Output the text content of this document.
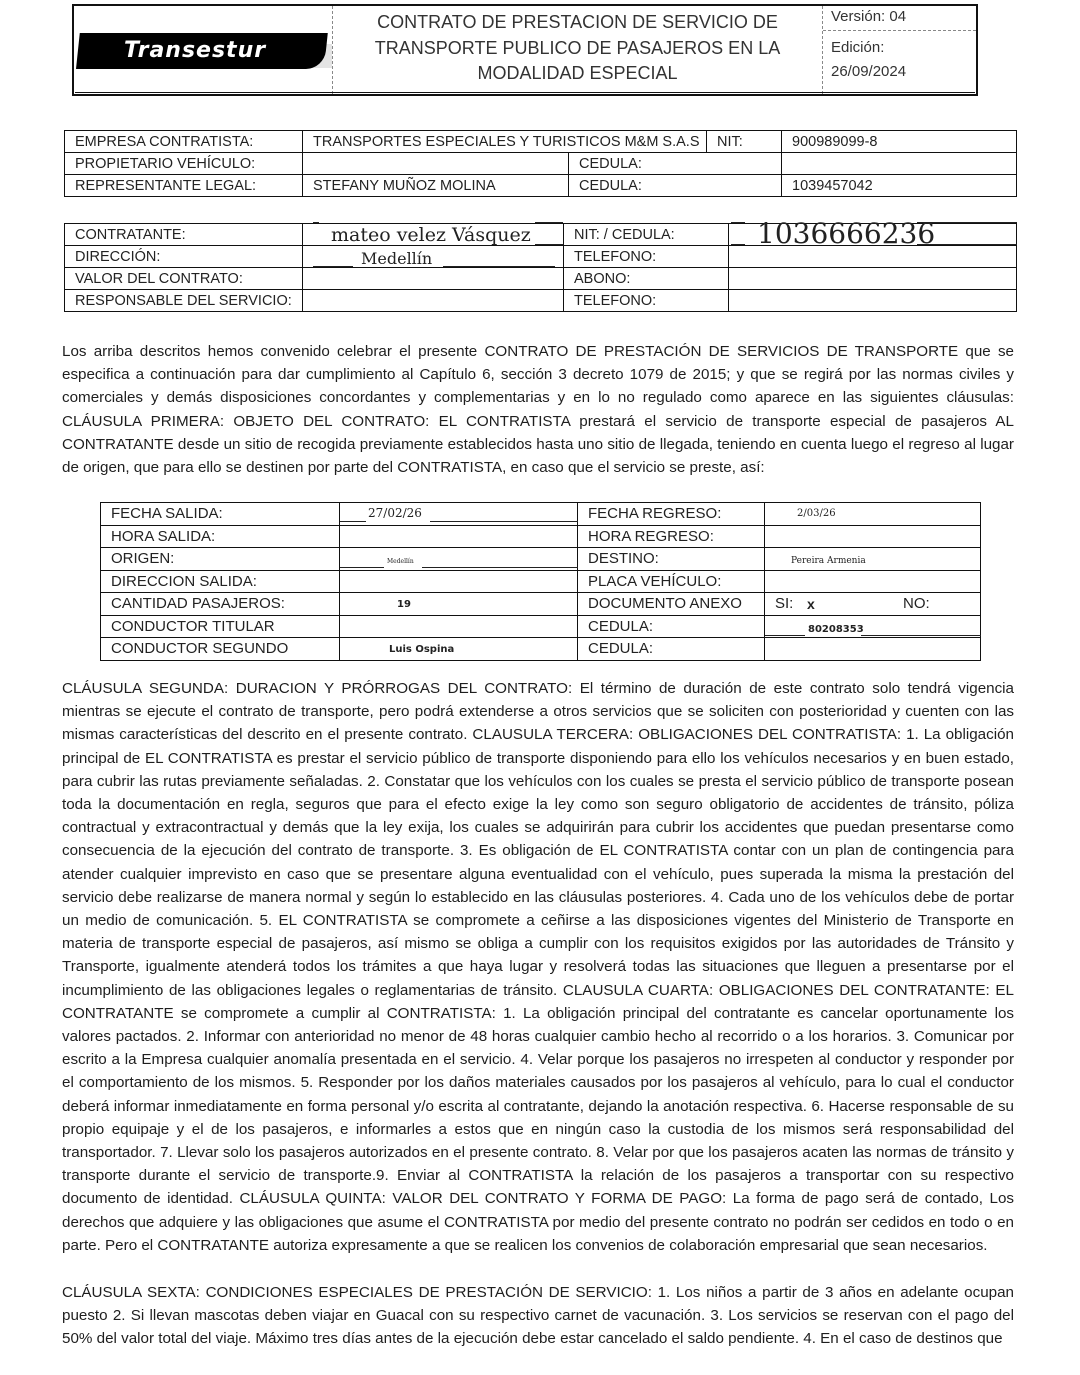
Transestur
CONTRATO DE PRESTACION DE SERVICIO DE
TRANSPORTE PUBLICO DE PASAJEROS EN LA
MODALIDAD ESPECIAL
Versión: 04
Edición:
26/09/2024
EMPRESA CONTRATISTA:	TRANSPORTES ESPECIALES Y TURISTICOS M&M S.A.S		NIT:	900989099-8
PROPIETARIO VEHÍCULO:		CEDULA:		
REPRESENTANTE LEGAL:	STEFANY MUÑOZ MOLINA	CEDULA:		1039457042
CONTRATANTE:	mateo velez Vásquez	NIT: / CEDULA:	1036666236

DIRECCIÓN:	Medellín	TELEFONO:	
VALOR DEL CONTRATO:		ABONO:	
RESPONSABLE DEL SERVICIO:		TELEFONO:	

Los arriba descritos hemos convenido celebrar el presente CONTRATO DE PRESTACIÓN DE SERVICIOS DE TRANSPORTE que se especifica a continuación para dar cumplimiento al Capítulo 6, sección 3 decreto 1079 de 2015; y que se regirá por las normas civiles y comerciales y demás disposiciones concordantes y complementarias y en lo no regulado como aparece en las siguientes cláusulas: CLÁUSULA PRIMERA: OBJETO DEL CONTRATO: EL CONTRATISTA prestará el servicio de transporte especial de pasajeros AL CONTRATANTE desde un sitio de recogida previamente establecidos hasta uno sitio de llegada, teniendo en cuenta luego el regreso al lugar de origen, que para ello se destinen por parte del CONTRATISTA, en caso que el servicio se preste, así:

FECHA SALIDA:	27/02/26	FECHA REGRESO:	2/03/26

HORA SALIDA:		HORA REGRESO:	
ORIGEN:	Medellín	DESTINO:	Pereira Armenia

DIRECCION SALIDA:		PLACA VEHÍCULO:	
CANTIDAD PASAJEROS:	19	DOCUMENTO ANEXO	SI: x NO:

CONDUCTOR TITULAR		CEDULA:	80208353

CONDUCTOR SEGUNDO	Luis Ospina	CEDULA:	

CLÁUSULA SEGUNDA: DURACION Y PRÓRROGAS DEL CONTRATO: El término de duración de este contrato solo tendrá vigencia mientras se ejecute el contrato de transporte, pero podrá extenderse a otros servicios que se soliciten con posterioridad y cuenten con las mismas características del descrito en el presente contrato. CLAUSULA TERCERA: OBLIGACIONES DEL CONTRATISTA: 1. La obligación principal de EL CONTRATISTA es prestar el servicio público de transporte disponiendo para ello los vehículos necesarios y en buen estado, para cubrir las rutas previamente señaladas. 2. Constatar que los vehículos con los cuales se presta el servicio público de transporte posean toda la documentación en regla, seguros que para el efecto exige la ley como son seguro obligatorio de accidentes de tránsito, póliza contractual y extracontractual y demás que la ley exija, los cuales se adquirirán para cubrir los accidentes que puedan presentarse como consecuencia de la ejecución del contrato de transporte. 3. Es obligación de EL CONTRATISTA contar con un plan de contingencia para atender cualquier imprevisto en caso que se presentare alguna eventualidad con el vehículo, pues superada la misma la prestación del servicio debe realizarse de manera normal y según lo establecido en las cláusulas posteriores. 4. Cada uno de los vehículos debe de portar un medio de comunicación. 5. EL CONTRATISTA se compromete a ceñirse a las disposiciones vigentes del Ministerio de Transporte en materia de transporte especial de pasajeros, así mismo se obliga a cumplir con los requisitos exigidos por las autoridades de Tránsito y Transporte, igualmente atenderá todos los trámites a que haya lugar y resolverá todas las situaciones que lleguen a presentarse por el incumplimiento de las obligaciones legales o reglamentarias de tránsito. CLAUSULA CUARTA: OBLIGACIONES DEL CONTRATANTE: EL CONTRATANTE se compromete a cumplir al CONTRATISTA: 1. La obligación principal del contratante es cancelar oportunamente los valores pactados. 2. Informar con anterioridad no menor de 48 horas cualquier cambio hecho al recorrido o a los horarios. 3. Comunicar por escrito a la Empresa cualquier anomalía presentada en el servicio. 4. Velar porque los pasajeros no irrespeten al conductor y responder por el comportamiento de los mismos. 5. Responder por los daños materiales causados por los pasajeros al vehículo, para lo cual el conductor deberá informar inmediatamente en forma personal y/o escrita al contratante, dejando la anotación respectiva. 6. Hacerse responsable de su propio equipaje y el de los pasajeros, e informarles a estos que en ningún caso la custodia de los mismos será responsabilidad del transportador. 7. Llevar solo los pasajeros autorizados en el presente contrato. 8. Velar por que los pasajeros acaten las normas de tránsito y transporte durante el servicio de transporte.9. Enviar al CONTRATISTA la relación de los pasajeros a transportar con su respectivo documento de identidad. CLÁUSULA QUINTA: VALOR DEL CONTRATO Y FORMA DE PAGO: La forma de pago será de contado, Los derechos que adquiere y las obligaciones que asume el CONTRATISTA por medio del presente contrato no podrán ser cedidos en todo o en parte. Pero el CONTRATANTE autoriza expresamente a que se realicen los convenios de colaboración empresarial que sean necesarios.

CLÁUSULA SEXTA: CONDICIONES ESPECIALES DE PRESTACIÓN DE SERVICIO: 1. Los niños a partir de 3 años en adelante ocupan puesto 2. Si llevan mascotas deben viajar en Guacal con su respectivo carnet de vacunación. 3. Los servicios se reservan con el pago del 50% del valor total del viaje. Máximo tres días antes de la ejecución debe estar cancelado el saldo pendiente. 4. En el caso de destinos que
